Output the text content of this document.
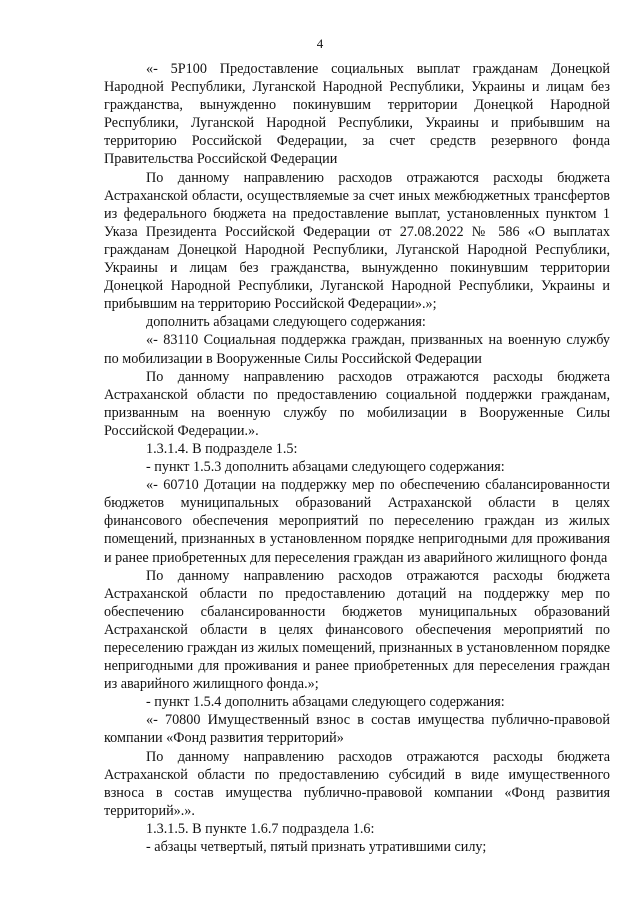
4

«- 5Р100 Предоставление социальных выплат гражданам Донецкой Народной Республики, Луганской Народной Республики, Украины и лицам без гражданства, вынужденно покинувшим территории Донецкой Народной Республики, Луганской Народной Республики, Украины и прибывшим на территорию Российской Федерации, за счет средств резервного фонда Правительства Российской Федерации

По данному направлению расходов отражаются расходы бюджета Астраханской области, осуществляемые за счет иных межбюджетных трансфертов из федерального бюджета на предоставление выплат, установленных пунктом 1 Указа Президента Российской Федерации от 27.08.2022 № 586 «О выплатах гражданам Донецкой Народной Республики, Луганской Народной Республики, Украины и лицам без гражданства, вынужденно покинувшим территории Донецкой Народной Республики, Луганской Народной Республики, Украины и прибывшим на территорию Российской Федерации».»;

дополнить абзацами следующего содержания:

«- 83110 Социальная поддержка граждан, призванных на военную службу по мобилизации в Вооруженные Силы Российской Федерации

По данному направлению расходов отражаются расходы бюджета Астраханской области по предоставлению социальной поддержки гражданам, призванным на военную службу по мобилизации в Вооруженные Силы Российской Федерации.».

1.3.1.4. В подразделе 1.5:

- пункт 1.5.3 дополнить абзацами следующего содержания:

«- 60710 Дотации на поддержку мер по обеспечению сбалансированности бюджетов муниципальных образований Астраханской области в целях финансового обеспечения мероприятий по переселению граждан из жилых помещений, признанных в установленном порядке непригодными для проживания и ранее приобретенных для переселения граждан из аварийного жилищного фонда

По данному направлению расходов отражаются расходы бюджета Астраханской области по предоставлению дотаций на поддержку мер по обеспечению сбалансированности бюджетов муниципальных образований Астраханской области в целях финансового обеспечения мероприятий по переселению граждан из жилых помещений, признанных в установленном порядке непригодными для проживания и ранее приобретенных для переселения граждан из аварийного жилищного фонда.»;

- пункт 1.5.4 дополнить абзацами следующего содержания:

«- 70800 Имущественный взнос в состав имущества публично-правовой компании «Фонд развития территорий»

По данному направлению расходов отражаются расходы бюджета Астраханской области по предоставлению субсидий в виде имущественного взноса в состав имущества публично-правовой компании «Фонд развития территорий».».

1.3.1.5. В пункте 1.6.7 подраздела 1.6:

- абзацы четвертый, пятый признать утратившими силу;
